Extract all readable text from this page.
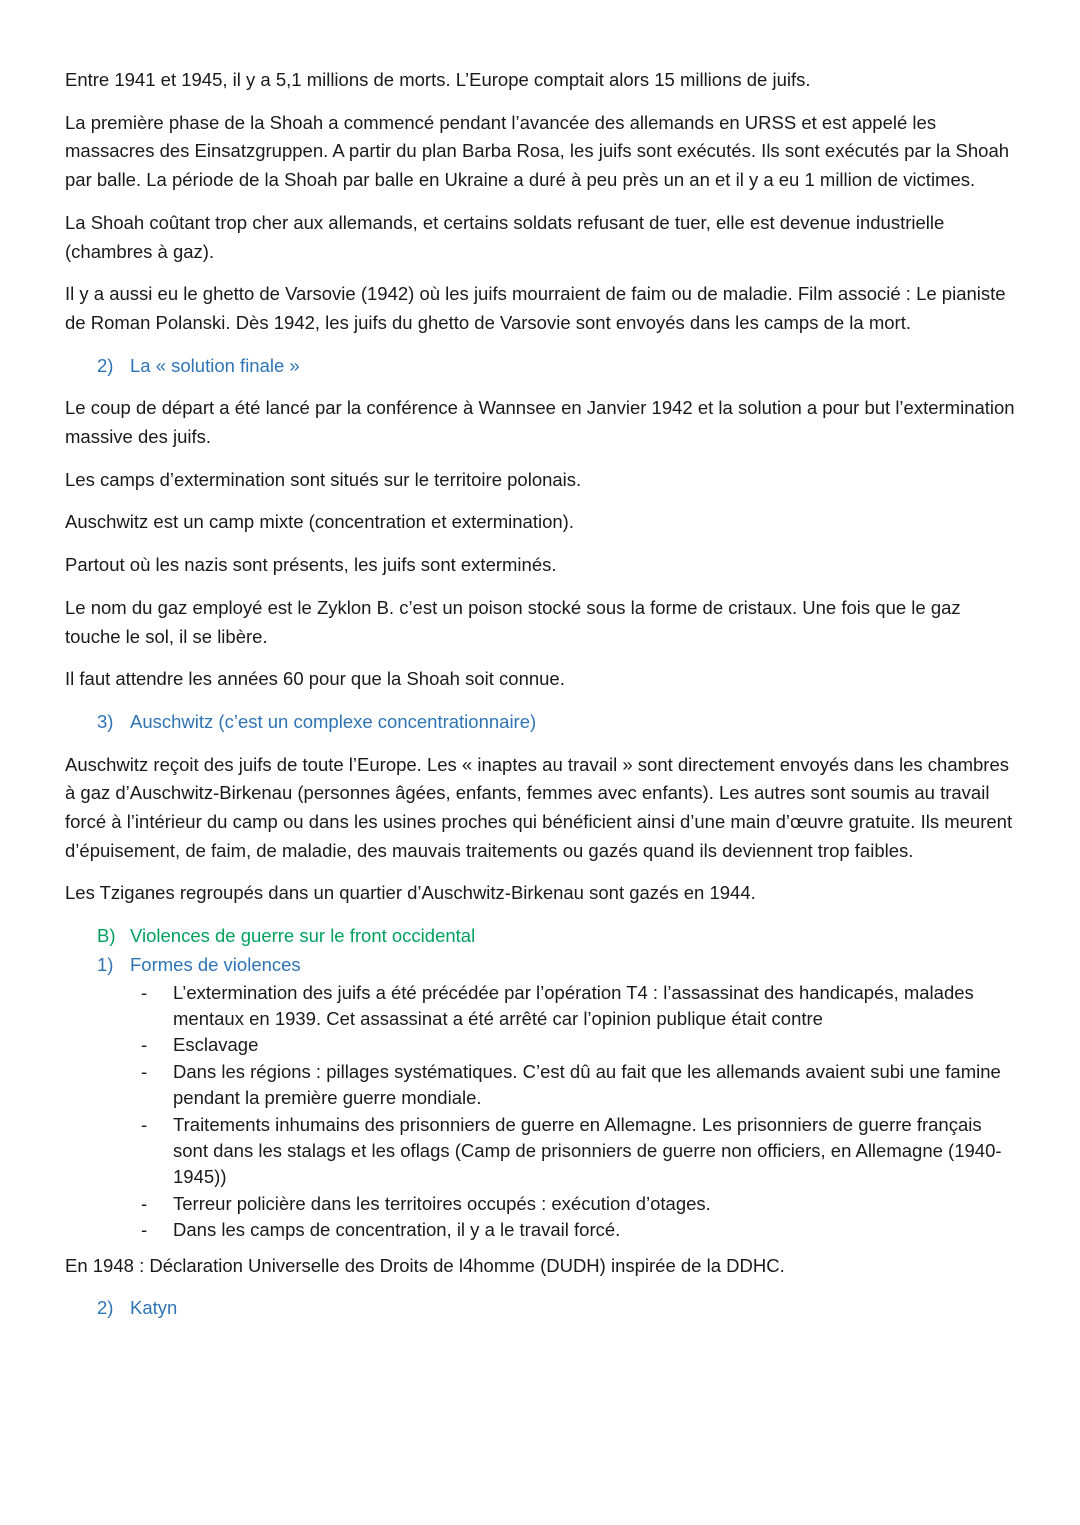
Entre 1941 et 1945, il y a 5,1 millions de morts. L’Europe comptait alors 15 millions de juifs.

La première phase de la Shoah a commencé pendant l’avancée des allemands en URSS et est appelé les massacres des Einsatzgruppen. A partir du plan Barba Rosa, les juifs sont exécutés. Ils sont exécutés par la Shoah par balle. La période de la Shoah par balle en Ukraine a duré à peu près un an et il y a eu 1 million de victimes.

La Shoah coûtant trop cher aux allemands, et certains soldats refusant de tuer, elle est devenue industrielle (chambres à gaz).

Il y a aussi eu le ghetto de Varsovie (1942) où les juifs mourraient de faim ou de maladie. Film associé : Le pianiste de Roman Polanski. Dès 1942, les juifs du ghetto de Varsovie sont envoyés dans les camps de la mort.

2) La « solution finale »

Le coup de départ a été lancé par la conférence à Wannsee en Janvier 1942 et la solution a pour but l’extermination massive des juifs.

Les camps d’extermination sont situés sur le territoire polonais.

Auschwitz est un camp mixte (concentration et extermination).

Partout où les nazis sont présents, les juifs sont exterminés.

Le nom du gaz employé est le Zyklon B. c’est un poison stocké sous la forme de cristaux. Une fois que le gaz touche le sol, il se libère.

Il faut attendre les années 60 pour que la Shoah soit connue.

3) Auschwitz (c’est un complexe concentrationnaire)

Auschwitz reçoit des juifs de toute l’Europe. Les « inaptes au travail » sont directement envoyés dans les chambres à gaz d’Auschwitz-Birkenau (personnes âgées, enfants, femmes avec enfants). Les autres sont soumis au travail forcé à l’intérieur du camp ou dans les usines proches qui bénéficient ainsi d’une main d’œuvre gratuite. Ils meurent d’épuisement, de faim, de maladie, des mauvais traitements ou gazés quand ils deviennent trop faibles.

Les Tziganes regroupés dans un quartier d’Auschwitz-Birkenau sont gazés en 1944.

B) Violences de guerre sur le front occidental
1) Formes de violences
- L’extermination des juifs a été précédée par l’opération T4 : l’assassinat des handicapés, malades mentaux en 1939. Cet assassinat a été arrêté car l’opinion publique était contre
- Esclavage
- Dans les régions : pillages systématiques. C’est dû au fait que les allemands avaient subi une famine pendant la première guerre mondiale.
- Traitements inhumains des prisonniers de guerre en Allemagne. Les prisonniers de guerre français sont dans les stalags et les oflags (Camp de prisonniers de guerre non officiers, en Allemagne (1940-1945))
- Terreur policière dans les territoires occupés : exécution d’otages.
- Dans les camps de concentration, il y a le travail forcé.

En 1948 : Déclaration Universelle des Droits de l4homme (DUDH) inspirée de la DDHC.

2) Katyn
